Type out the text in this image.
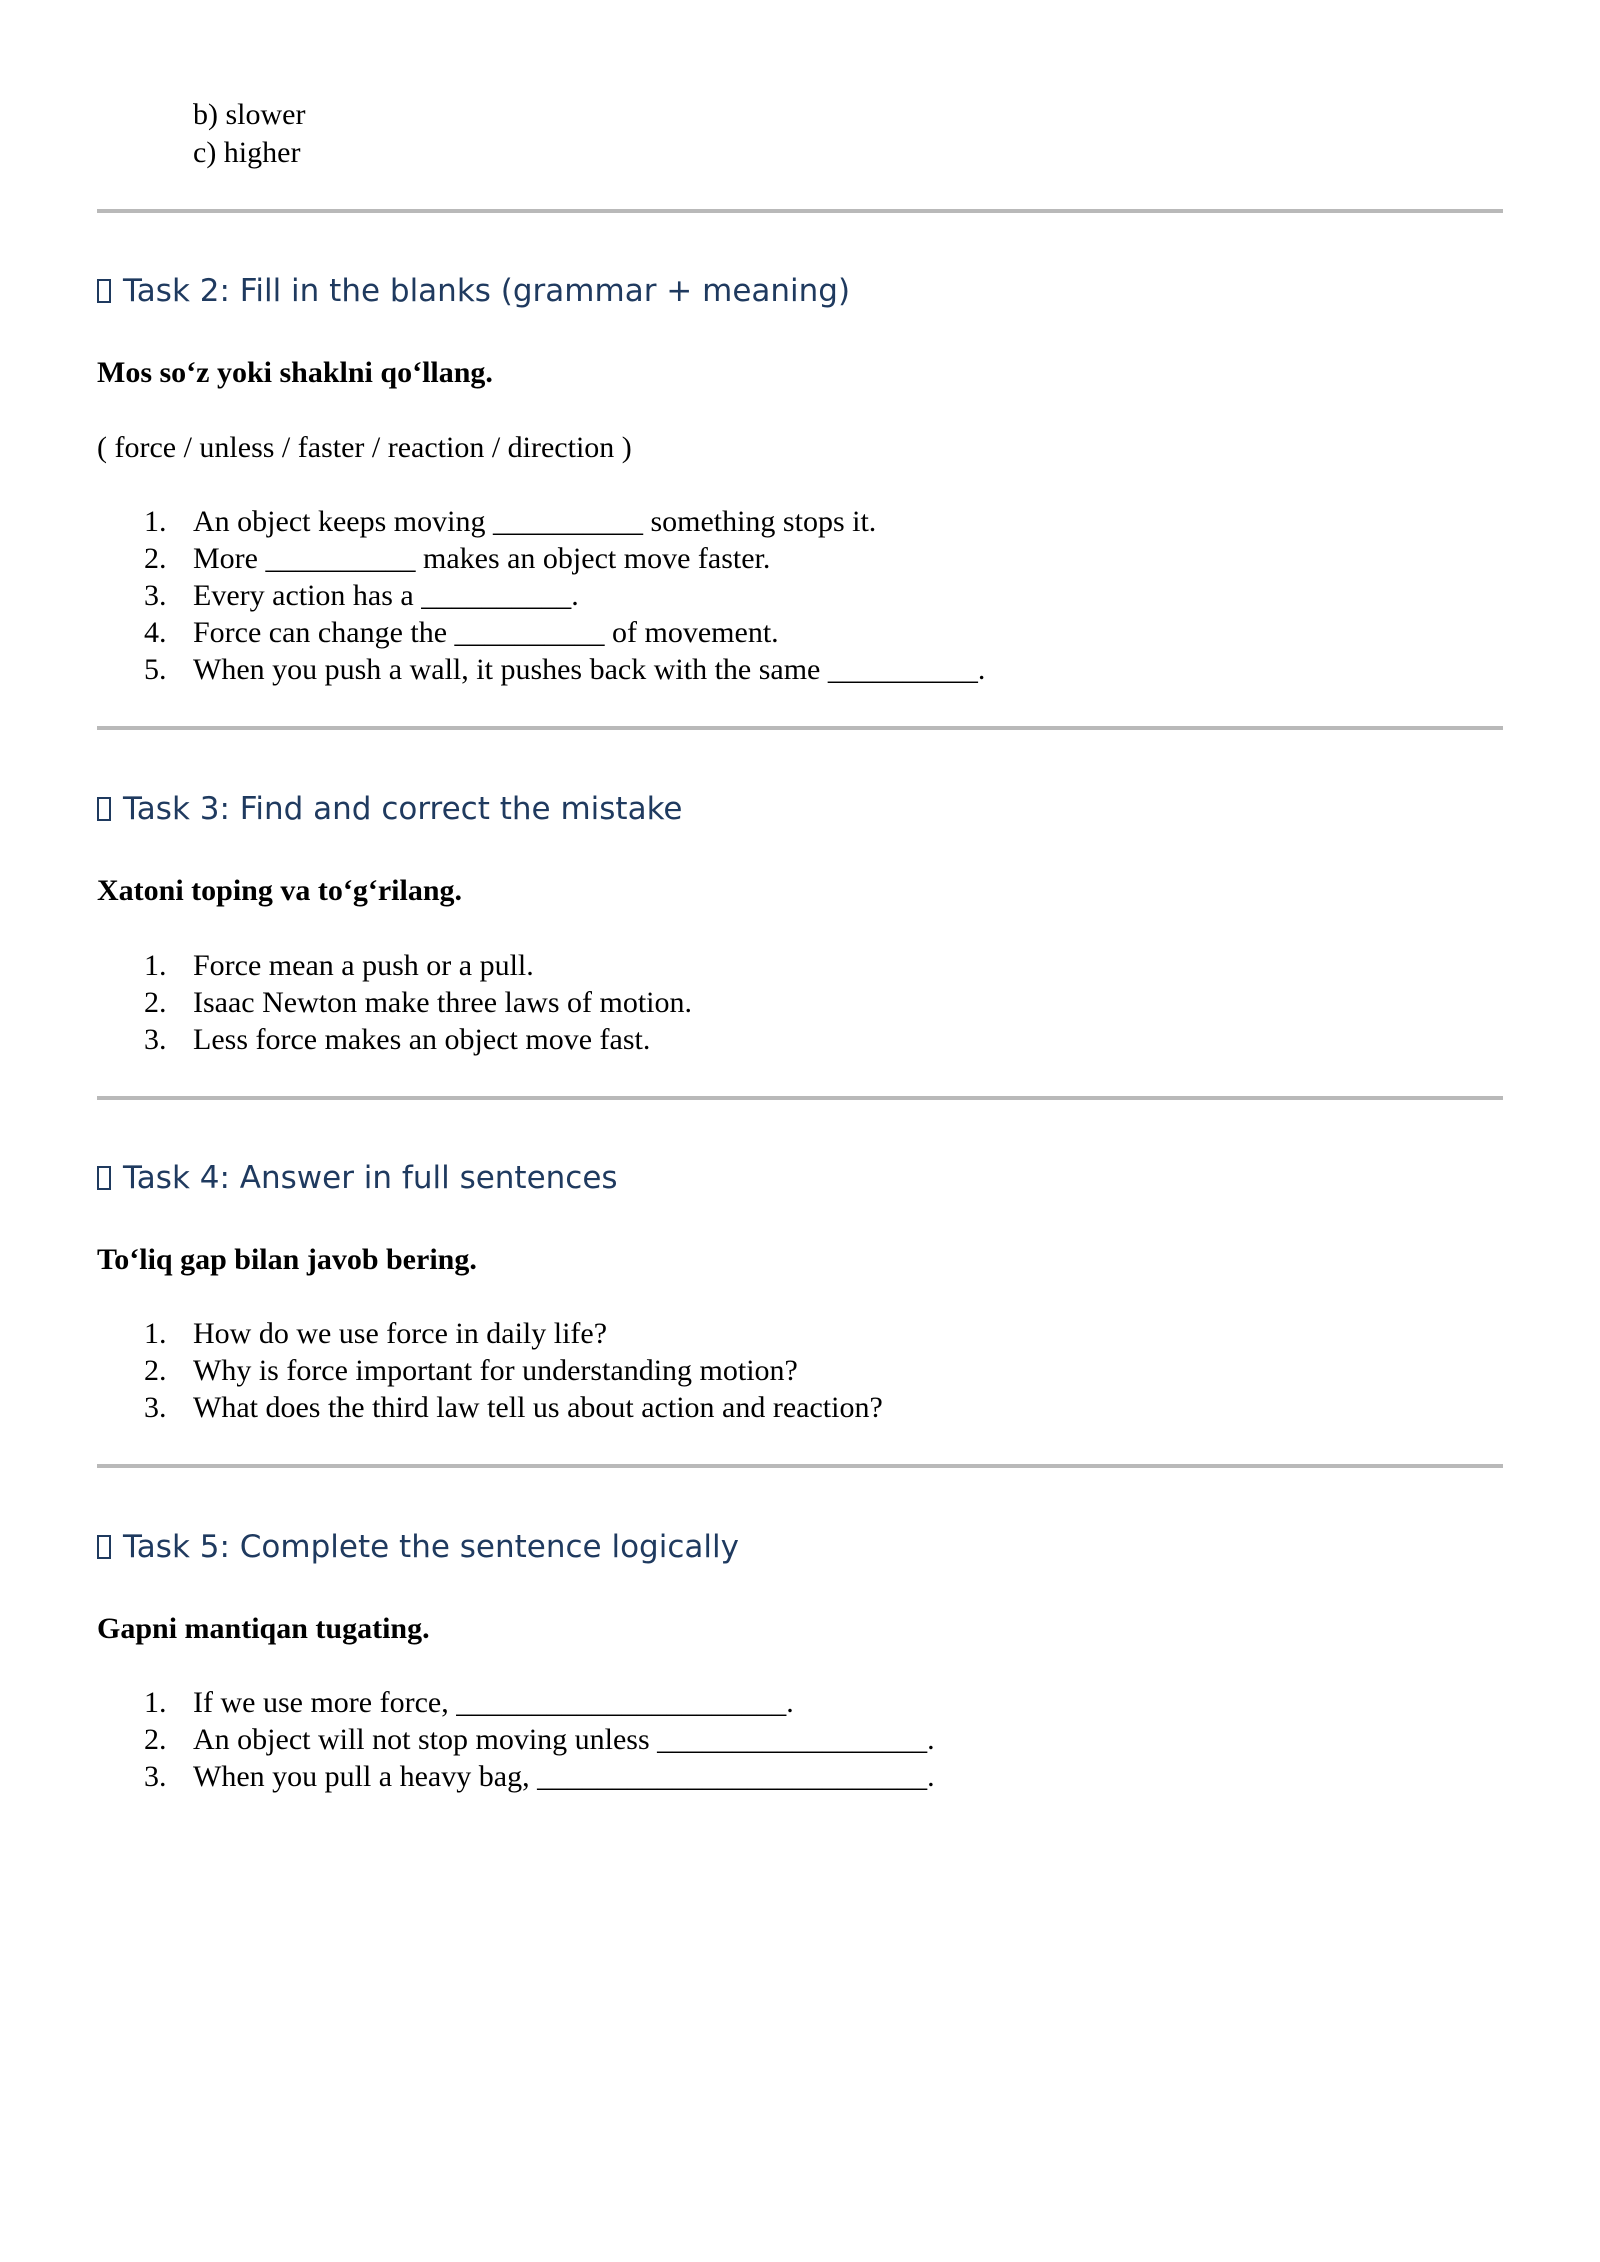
b) slower
c) higher
Task 2: Fill in the blanks (grammar + meaning)
Mos so‘z yoki shaklni qo‘llang.
( force / unless / faster / reaction / direction )
1. An object keeps moving __________ something stops it.
2. More __________ makes an object move faster.
3. Every action has a __________.
4. Force can change the __________ of movement.
5. When you push a wall, it pushes back with the same __________.
Task 3: Find and correct the mistake
Xatoni toping va to‘g‘rilang.
1. Force mean a push or a pull.
2. Isaac Newton make three laws of motion.
3. Less force makes an object move fast.
Task 4: Answer in full sentences
To‘liq gap bilan javob bering.
1. How do we use force in daily life?
2. Why is force important for understanding motion?
3. What does the third law tell us about action and reaction?
Task 5: Complete the sentence logically
Gapni mantiqan tugating.
1. If we use more force, ______________________.
2. An object will not stop moving unless __________________.
3. When you pull a heavy bag, __________________________.
